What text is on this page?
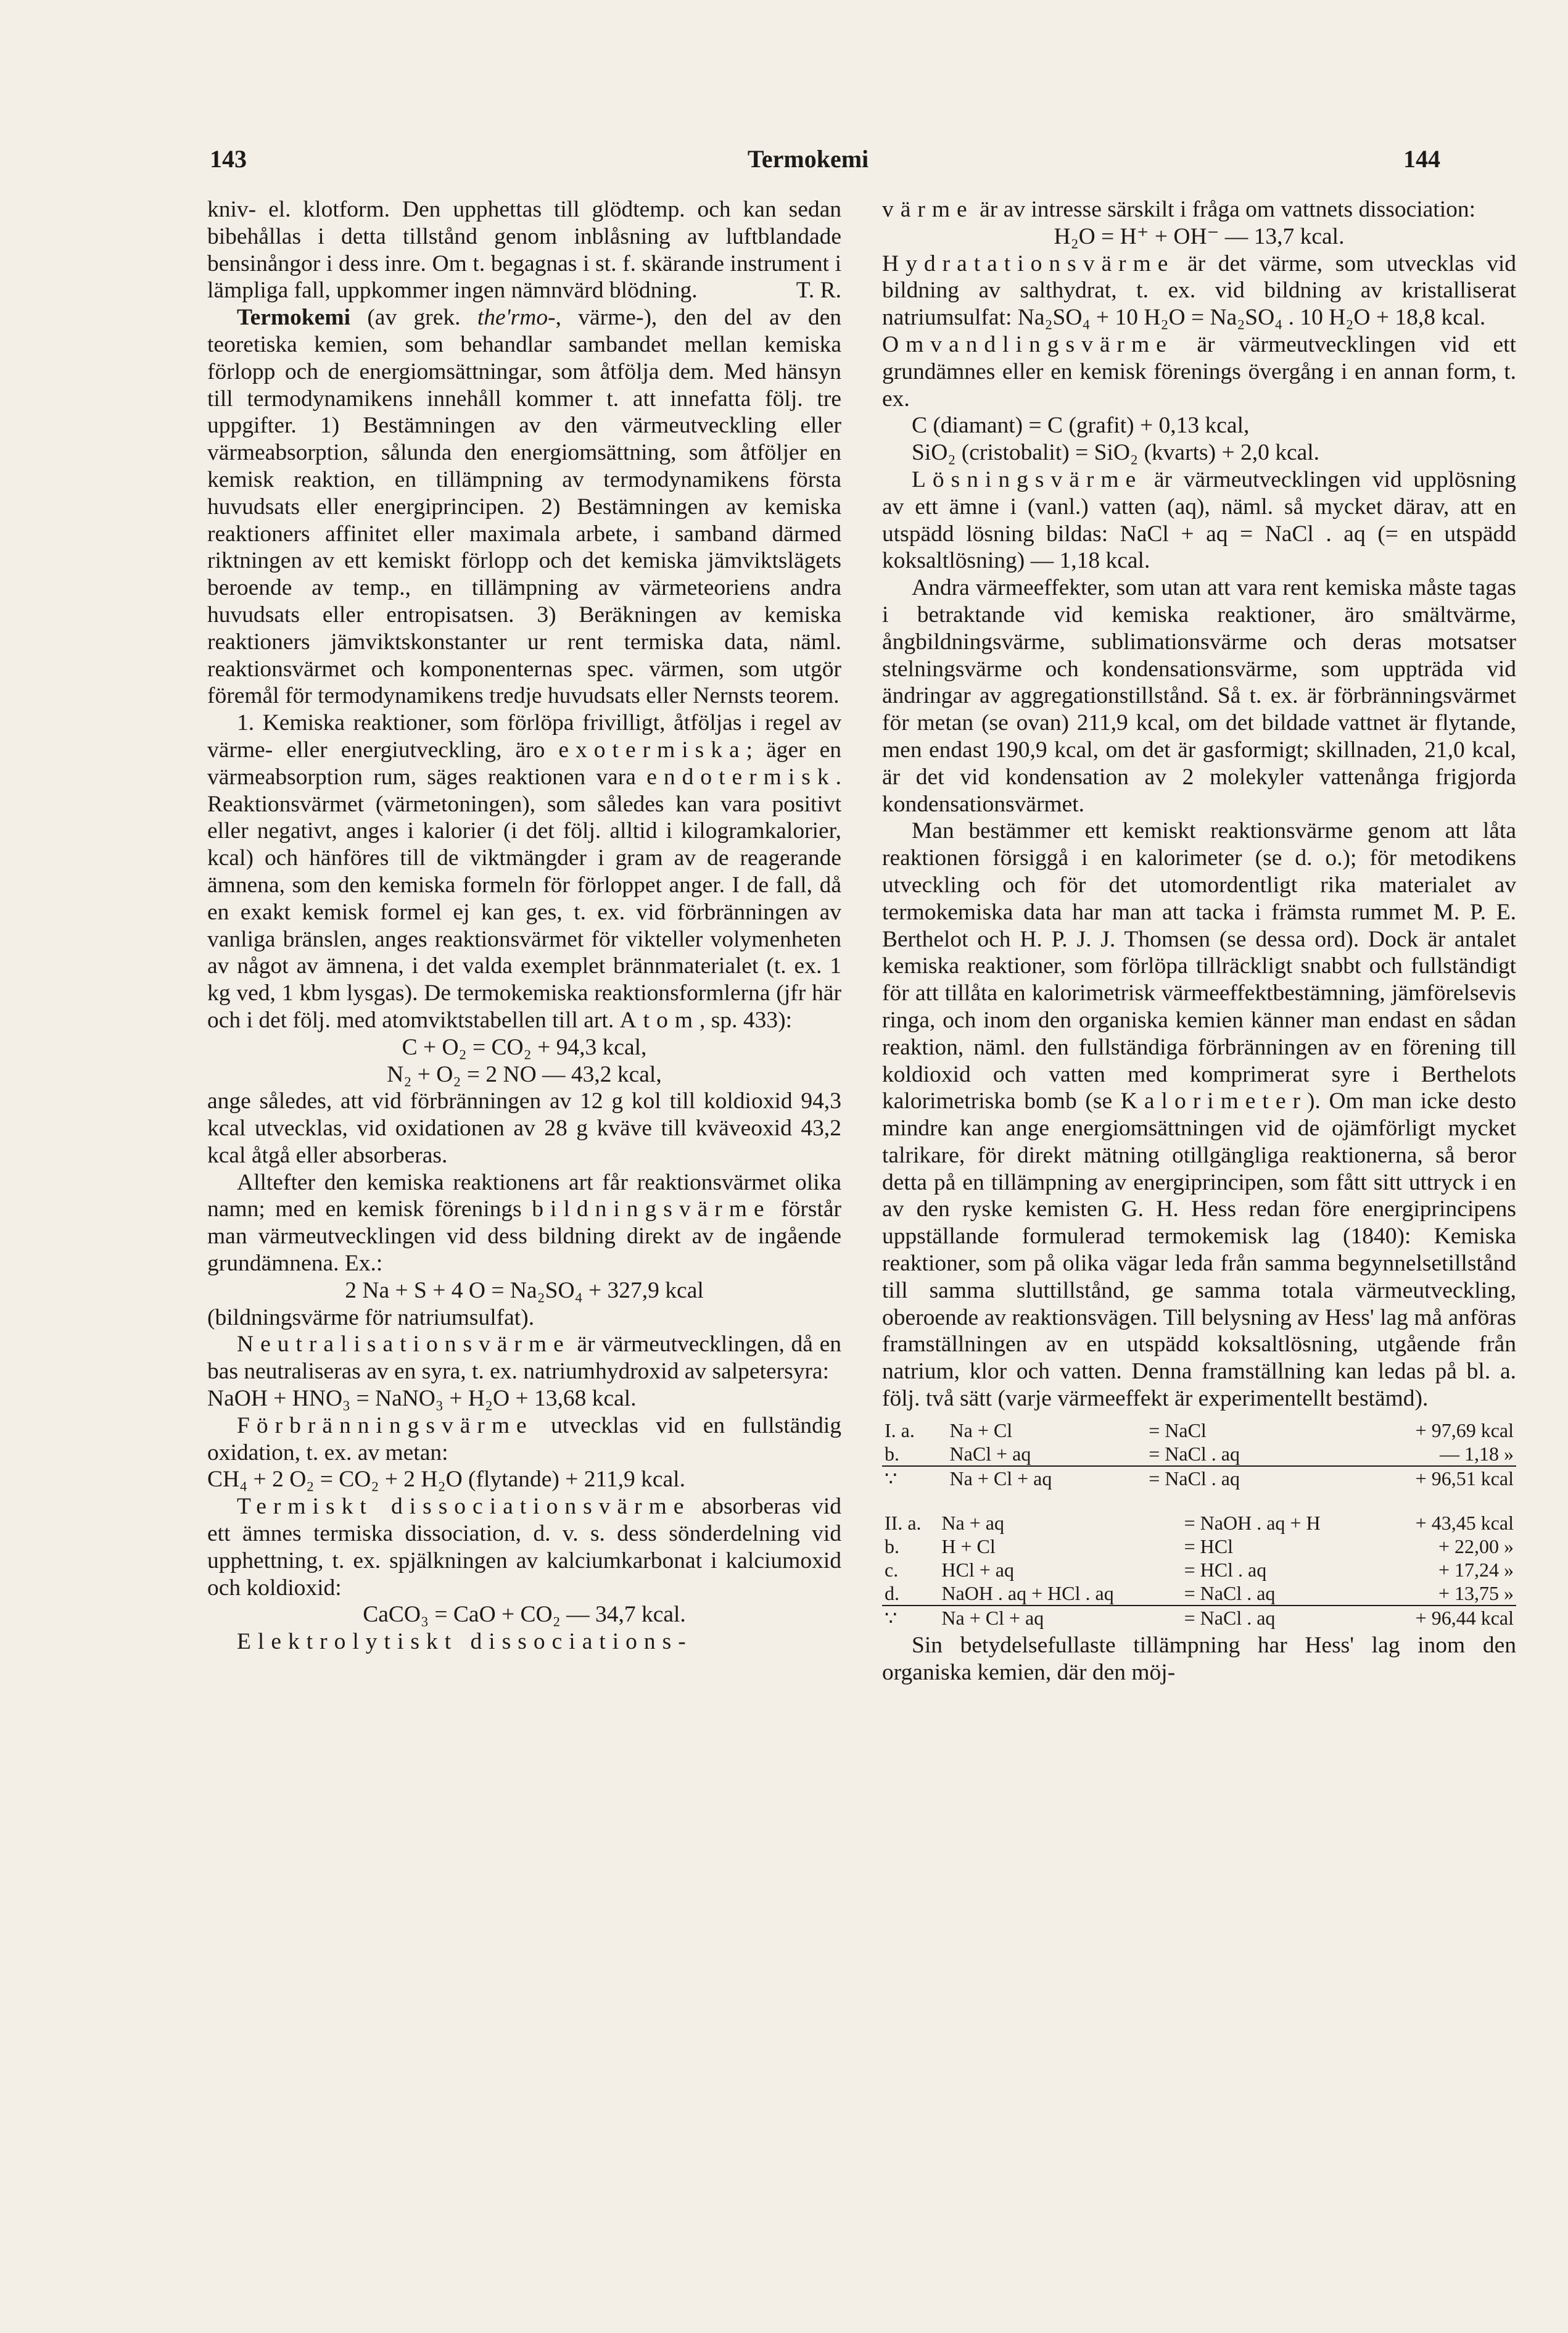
143	Termokemi	144

kniv- el. klotform. Den upphettas till glödtemp. och kan sedan bibehållas i detta tillstånd genom inblåsning av luftblandade bensinångor i dess inre. Om t. begagnas i st. f. skärande instrument i lämpliga fall, uppkommer ingen nämnvärd blödning.	T. R.

Termokemi (av grek. the'rmo-, värme-), den del av den teoretiska kemien, som behandlar sambandet mellan kemiska förlopp och de energiomsättningar, som åtfölja dem. Med hänsyn till termodynamikens innehåll kommer t. att innefatta följ. tre uppgifter. 1) Bestämningen av den värmeutveckling eller värmeabsorption, sålunda den energiomsättning, som åtföljer en kemisk reaktion, en tillämpning av termodynamikens första huvudsats eller energiprincipen. 2) Bestämningen av kemiska reaktioners affinitet eller maximala arbete, i samband därmed riktningen av ett kemiskt förlopp och det kemiska jämviktslägets beroende av temp., en tillämpning av värmeteoriens andra huvudsats eller entropisatsen. 3) Beräkningen av kemiska reaktioners jämviktskonstanter ur rent termiska data, näml. reaktionsvärmet och komponenternas spec. värmen, som utgör föremål för termodynamikens tredje huvudsats eller Nernsts teorem.

1. Kemiska reaktioner, som förlöpa frivilligt, åtföljas i regel av värme- eller energiutveckling, äro exotermiska; äger en värmeabsorption rum, säges reaktionen vara endotermisk. Reaktionsvärmet (värmetoningen), som således kan vara positivt eller negativt, anges i kalorier (i det följ. alltid i kilogramkalorier, kcal) och hänföres till de viktmängder i gram av de reagerande ämnena, som den kemiska formeln för förloppet anger. I de fall, då en exakt kemisk formel ej kan ges, t. ex. vid förbränningen av vanliga bränslen, anges reaktionsvärmet för vikteller volymenheten av något av ämnena, i det valda exemplet brännmaterialet (t. ex. 1 kg ved, 1 kbm lysgas). De termokemiska reaktionsformlerna (jfr här och i det följ. med atomviktstabellen till art. Atom, sp. 433):

C + O₂ = CO₂ + 94,3 kcal,

N₂ + O₂ = 2 NO — 43,2 kcal,

ange således, att vid förbränningen av 12 g kol till koldioxid 94,3 kcal utvecklas, vid oxidationen av 28 g kväve till kväveoxid 43,2 kcal åtgå eller absorberas.

Alltefter den kemiska reaktionens art får reaktionsvärmet olika namn; med en kemisk förenings bildningsvärme förstår man värmeutvecklingen vid dess bildning direkt av de ingående grundämnena. Ex.:

2 Na + S + 4 O = Na₂SO₄ + 327,9 kcal

(bildningsvärme för natriumsulfat).

Neutralisationsvärme är värmeutvecklingen, då en bas neutraliseras av en syra, t. ex. natriumhydroxid av salpetersyra:

NaOH + HNO₃ = NaNO₃ + H₂O + 13,68 kcal.

Förbränningsvärme utvecklas vid en fullständig oxidation, t. ex. av metan:

CH₄ + 2 O₂ = CO₂ + 2 H₂O (flytande) + 211,9 kcal.

Termiskt dissociationsvärme absorberas vid ett ämnes termiska dissociation, d. v. s. dess sönderdelning vid upphettning, t. ex. spjälkningen av kalciumkarbonat i kalciumoxid och koldioxid:

CaCO₃ = CaO + CO₂ — 34,7 kcal.

Elektrolytiskt dissociations-

värme är av intresse särskilt i fråga om vattnets dissociation:

H₂O = H⁺ + OH⁻ — 13,7 kcal.

Hydratationsvärme är det värme, som utvecklas vid bildning av salthydrat, t. ex. vid bildning av kristalliserat natriumsulfat: Na₂SO₄ + 10 H₂O = Na₂SO₄ . 10 H₂O + 18,8 kcal.

Omvandlingsvärme är värmeutvecklingen vid ett grundämnes eller en kemisk förenings övergång i en annan form, t. ex.

C (diamant) = C (grafit) + 0,13 kcal,

SiO₂ (cristobalit) = SiO₂ (kvarts) + 2,0 kcal.

Lösningsvärme är värmeutvecklingen vid upplösning av ett ämne i (vanl.) vatten (aq), näml. så mycket därav, att en utspädd lösning bildas: NaCl + aq = NaCl . aq (= en utspädd koksaltlösning) — 1,18 kcal.

Andra värmeeffekter, som utan att vara rent kemiska måste tagas i betraktande vid kemiska reaktioner, äro smältvärme, ångbildningsvärme, sublimationsvärme och deras motsatser stelningsvärme och kondensationsvärme, som uppträda vid ändringar av aggregationstillstånd. Så t. ex. är förbränningsvärmet för metan (se ovan) 211,9 kcal, om det bildade vattnet är flytande, men endast 190,9 kcal, om det är gasformigt; skillnaden, 21,0 kcal, är det vid kondensation av 2 molekyler vattenånga frigjorda kondensationsvärmet.

Man bestämmer ett kemiskt reaktionsvärme genom att låta reaktionen försiggå i en kalorimeter (se d. o.); för metodikens utveckling och för det utomordentligt rika materialet av termokemiska data har man att tacka i främsta rummet M. P. E. Berthelot och H. P. J. J. Thomsen (se dessa ord). Dock är antalet kemiska reaktioner, som förlöpa tillräckligt snabbt och fullständigt för att tillåta en kalorimetrisk värmeeffektbestämning, jämförelsevis ringa, och inom den organiska kemien känner man endast en sådan reaktion, näml. den fullständiga förbränningen av en förening till koldioxid och vatten med komprimerat syre i Berthelots kalorimetriska bomb (se Kalorimeter). Om man icke desto mindre kan ange energiomsättningen vid de ojämförligt mycket talrikare, för direkt mätning otillgängliga reaktionerna, så beror detta på en tillämpning av energiprincipen, som fått sitt uttryck i en av den ryske kemisten G. H. Hess redan före energiprincipens uppställande formulerad termokemisk lag (1840): Kemiska reaktioner, som på olika vägar leda från samma begynnelsetillstånd till samma sluttillstånd, ge samma totala värmeutveckling, oberoende av reaktionsvägen. Till belysning av Hess' lag må anföras framställningen av en utspädd koksaltlösning, utgående från natrium, klor och vatten. Denna framställning kan ledas på bl. a. följ. två sätt (varje värmeeffekt är experimentellt bestämd).

I. a.	Na + Cl	= NaCl	+ 97,69 kcal
b.	NaCl + aq	= NaCl . aq	— 1,18 »
∵	Na + Cl + aq	= NaCl . aq	+ 96,51 kcal
II. a.	Na + aq	= NaOH . aq + H	+ 43,45 kcal
b.	H + Cl	= HCl	+ 22,00 »
c.	HCl + aq	= HCl . aq	+ 17,24 »
d.	NaOH . aq + HCl . aq	= NaCl . aq	+ 13,75 »
∵	Na + Cl + aq	= NaCl . aq	+ 96,44 kcal

Sin betydelsefullaste tillämpning har Hess' lag inom den organiska kemien, där den möj-
